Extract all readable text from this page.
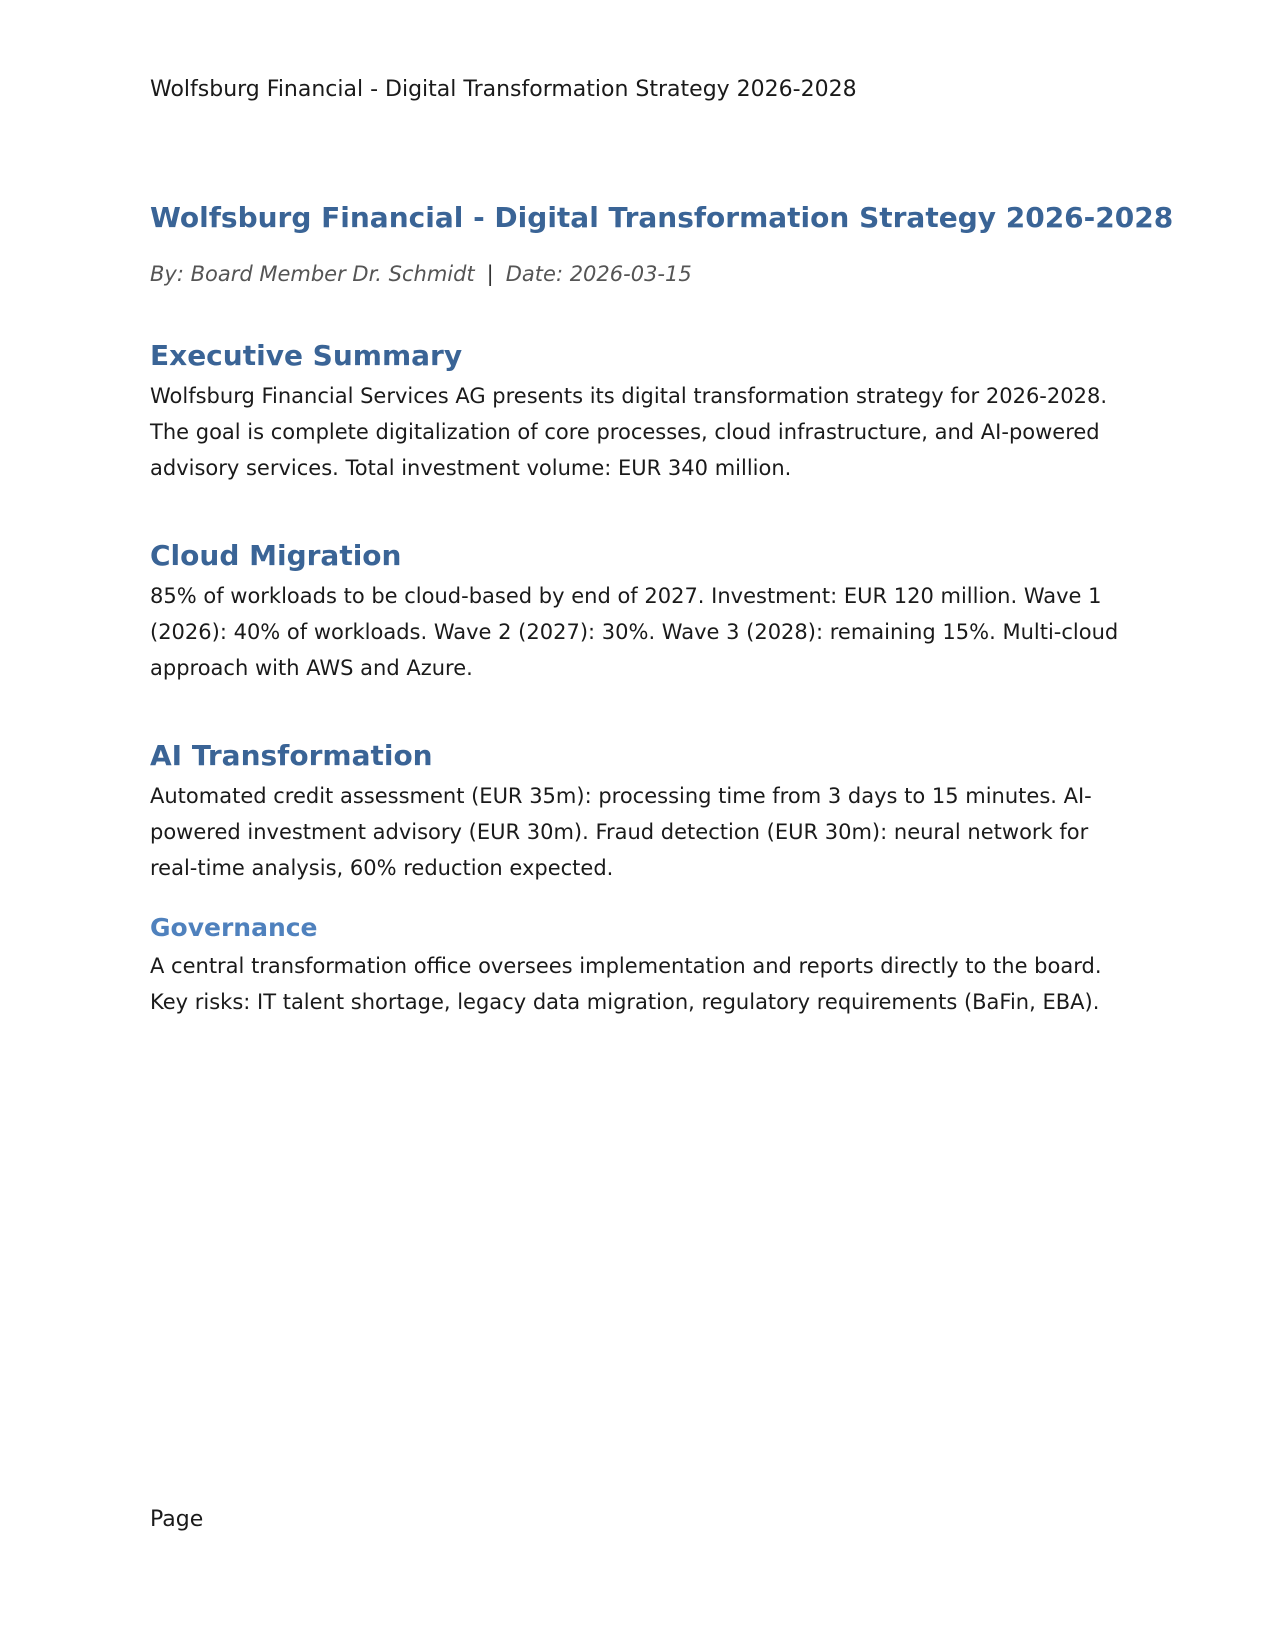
Wolfsburg Financial - Digital Transformation Strategy 2026-2028
Wolfsburg Financial - Digital Transformation Strategy 2026-2028

By: Board Member Dr. Schmidt | Date: 2026-03-15

Executive Summary

Wolfsburg Financial Services AG presents its digital transformation strategy for 2026-2028. The goal is complete digitalization of core processes, cloud infrastructure, and AI-powered advisory services. Total investment volume: EUR 340 million.

Cloud Migration

85% of workloads to be cloud-based by end of 2027. Investment: EUR 120 million. Wave 1 (2026): 40% of workloads. Wave 2 (2027): 30%. Wave 3 (2028): remaining 15%. Multi-cloud approach with AWS and Azure.

AI Transformation

Automated credit assessment (EUR 35m): processing time from 3 days to 15 minutes. AI-powered investment advisory (EUR 30m). Fraud detection (EUR 30m): neural network for real-time analysis, 60% reduction expected.

Governance

A central transformation office oversees implementation and reports directly to the board. Key risks: IT talent shortage, legacy data migration, regulatory requirements (BaFin, EBA).

Page
